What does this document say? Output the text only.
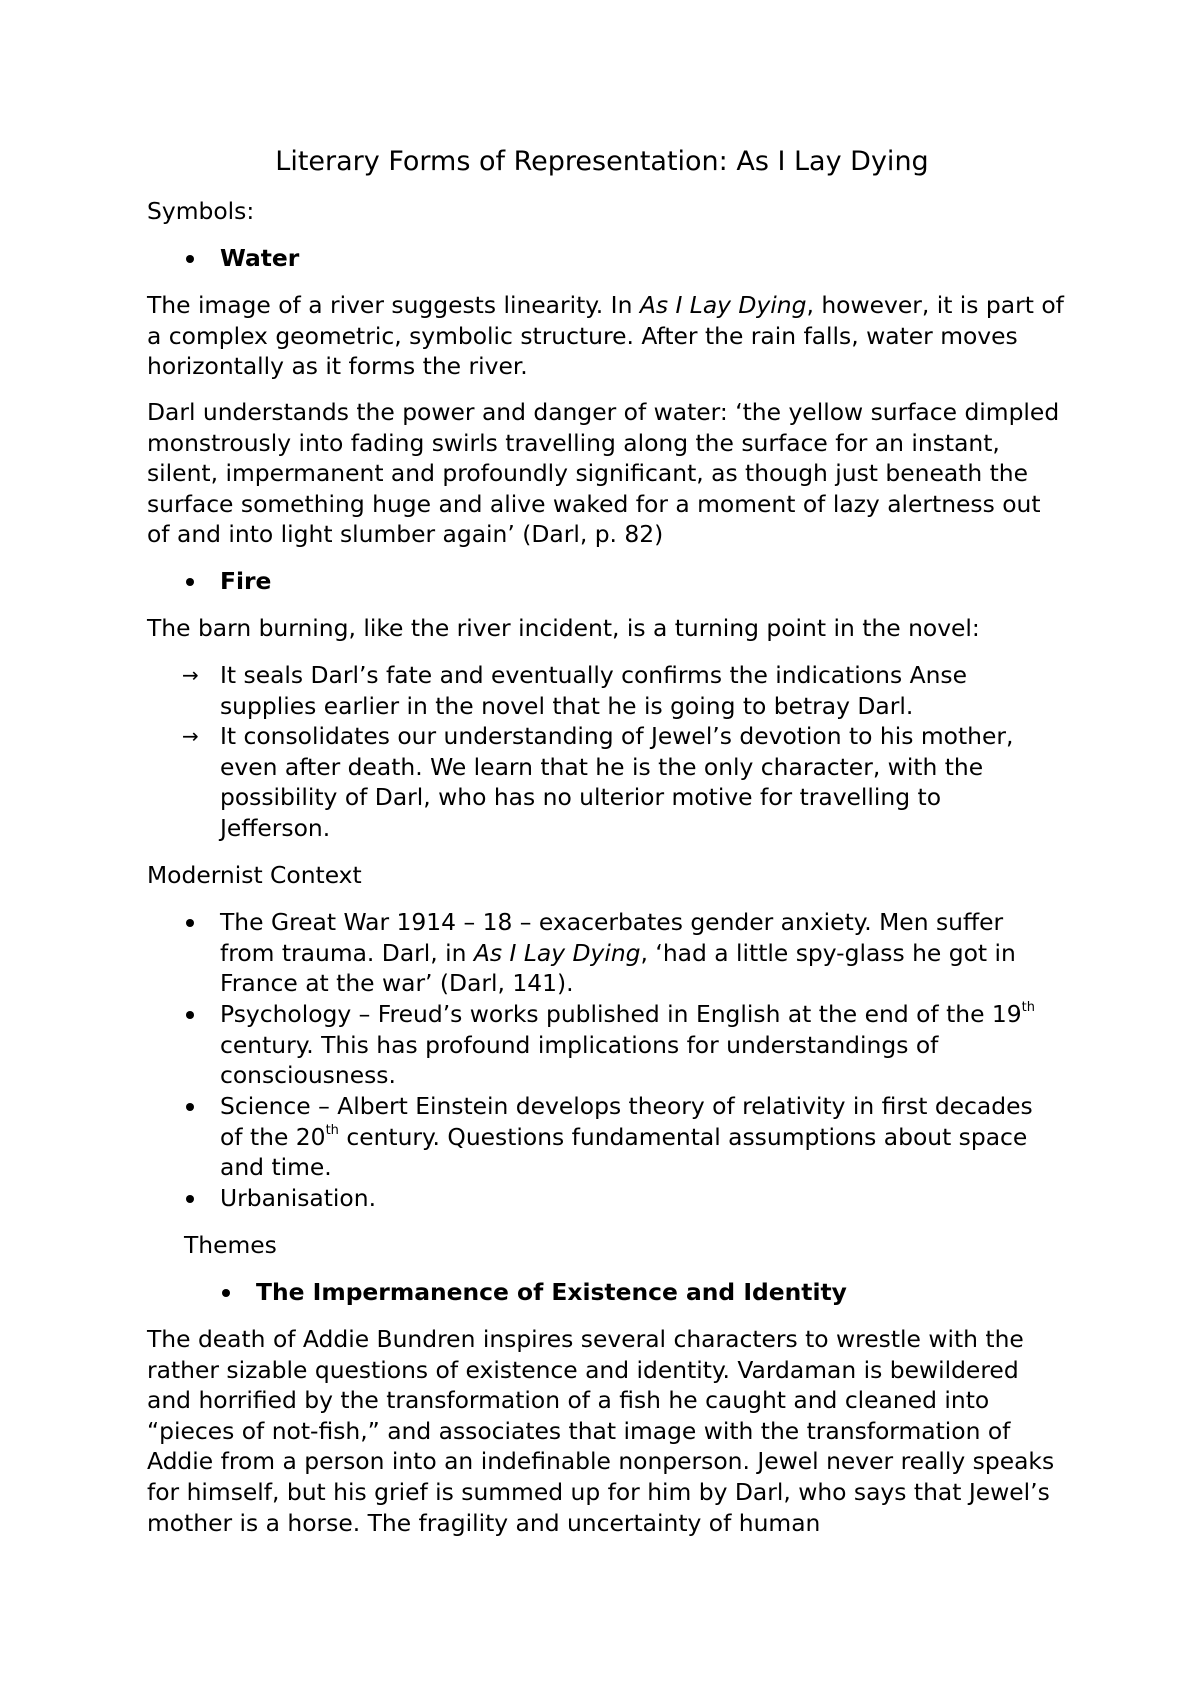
Literary Forms of Representation: As I Lay Dying

Symbols:

Water

The image of a river suggests linearity. In As I Lay Dying, however, it is part of a complex geometric, symbolic structure. After the rain falls, water moves horizontally as it forms the river.

Darl understands the power and danger of water: ‘the yellow surface dimpled monstrously into fading swirls travelling along the surface for an instant, silent, impermanent and profoundly significant, as though just beneath the surface something huge and alive waked for a moment of lazy alertness out of and into light slumber again’ (Darl, p. 82)

Fire

The barn burning, like the river incident, is a turning point in the novel:

→ It seals Darl’s fate and eventually confirms the indications Anse supplies earlier in the novel that he is going to betray Darl.

→ It consolidates our understanding of Jewel’s devotion to his mother, even after death. We learn that he is the only character, with the possibility of Darl, who has no ulterior motive for travelling to Jefferson.

Modernist Context

The Great War 1914 – 18 – exacerbates gender anxiety. Men suffer from trauma. Darl, in As I Lay Dying, ‘had a little spy-glass he got in France at the war’ (Darl, 141).

Psychology – Freud’s works published in English at the end of the 19th century. This has profound implications for understandings of consciousness.

Science – Albert Einstein develops theory of relativity in first decades of the 20th century. Questions fundamental assumptions about space and time.

Urbanisation.

Themes

The Impermanence of Existence and Identity

The death of Addie Bundren inspires several characters to wrestle with the rather sizable questions of existence and identity. Vardaman is bewildered and horrified by the transformation of a fish he caught and cleaned into “pieces of not-fish,” and associates that image with the transformation of Addie from a person into an indefinable nonperson. Jewel never really speaks for himself, but his grief is summed up for him by Darl, who says that Jewel’s mother is a horse. The fragility and uncertainty of human
